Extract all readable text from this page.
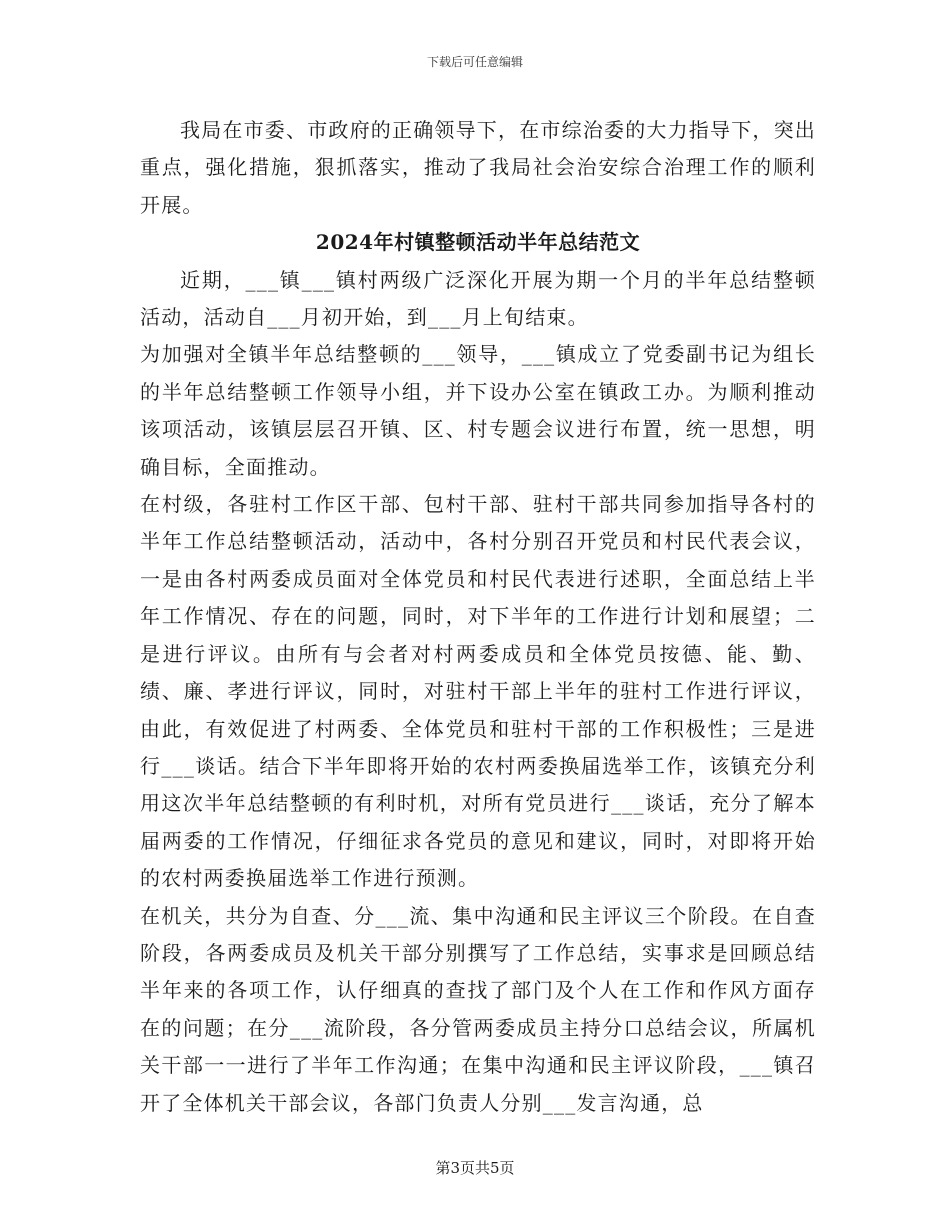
下载后可任意编辑

我局在市委、市政府的正确领导下，在市综治委的大力指导下，突出重点，强化措施，狠抓落实，推动了我局社会治安综合治理工作的顺利开展。

2024年村镇整顿活动半年总结范文

近期，___镇___镇村两级广泛深化开展为期一个月的半年总结整顿活动，活动自___月初开始，到___月上旬结束。

为加强对全镇半年总结整顿的___领导，___镇成立了党委副书记为组长的半年总结整顿工作领导小组，并下设办公室在镇政工办。为顺利推动该项活动，该镇层层召开镇、区、村专题会议进行布置，统一思想，明确目标，全面推动。

在村级，各驻村工作区干部、包村干部、驻村干部共同参加指导各村的半年工作总结整顿活动，活动中，各村分别召开党员和村民代表会议，一是由各村两委成员面对全体党员和村民代表进行述职，全面总结上半年工作情况、存在的问题，同时，对下半年的工作进行计划和展望；二是进行评议。由所有与会者对村两委成员和全体党员按德、能、勤、绩、廉、孝进行评议，同时，对驻村干部上半年的驻村工作进行评议，由此，有效促进了村两委、全体党员和驻村干部的工作积极性；三是进行___谈话。结合下半年即将开始的农村两委换届选举工作，该镇充分利用这次半年总结整顿的有利时机，对所有党员进行___谈话，充分了解本届两委的工作情况，仔细征求各党员的意见和建议，同时，对即将开始的农村两委换届选举工作进行预测。

在机关，共分为自查、分___流、集中沟通和民主评议三个阶段。在自查阶段，各两委成员及机关干部分别撰写了工作总结，实事求是回顾总结半年来的各项工作，认仔细真的查找了部门及个人在工作和作风方面存在的问题；在分___流阶段，各分管两委成员主持分口总结会议，所属机关干部一一进行了半年工作沟通；在集中沟通和民主评议阶段，___镇召开了全体机关干部会议，各部门负责人分别___发言沟通，总

第3页共5页
